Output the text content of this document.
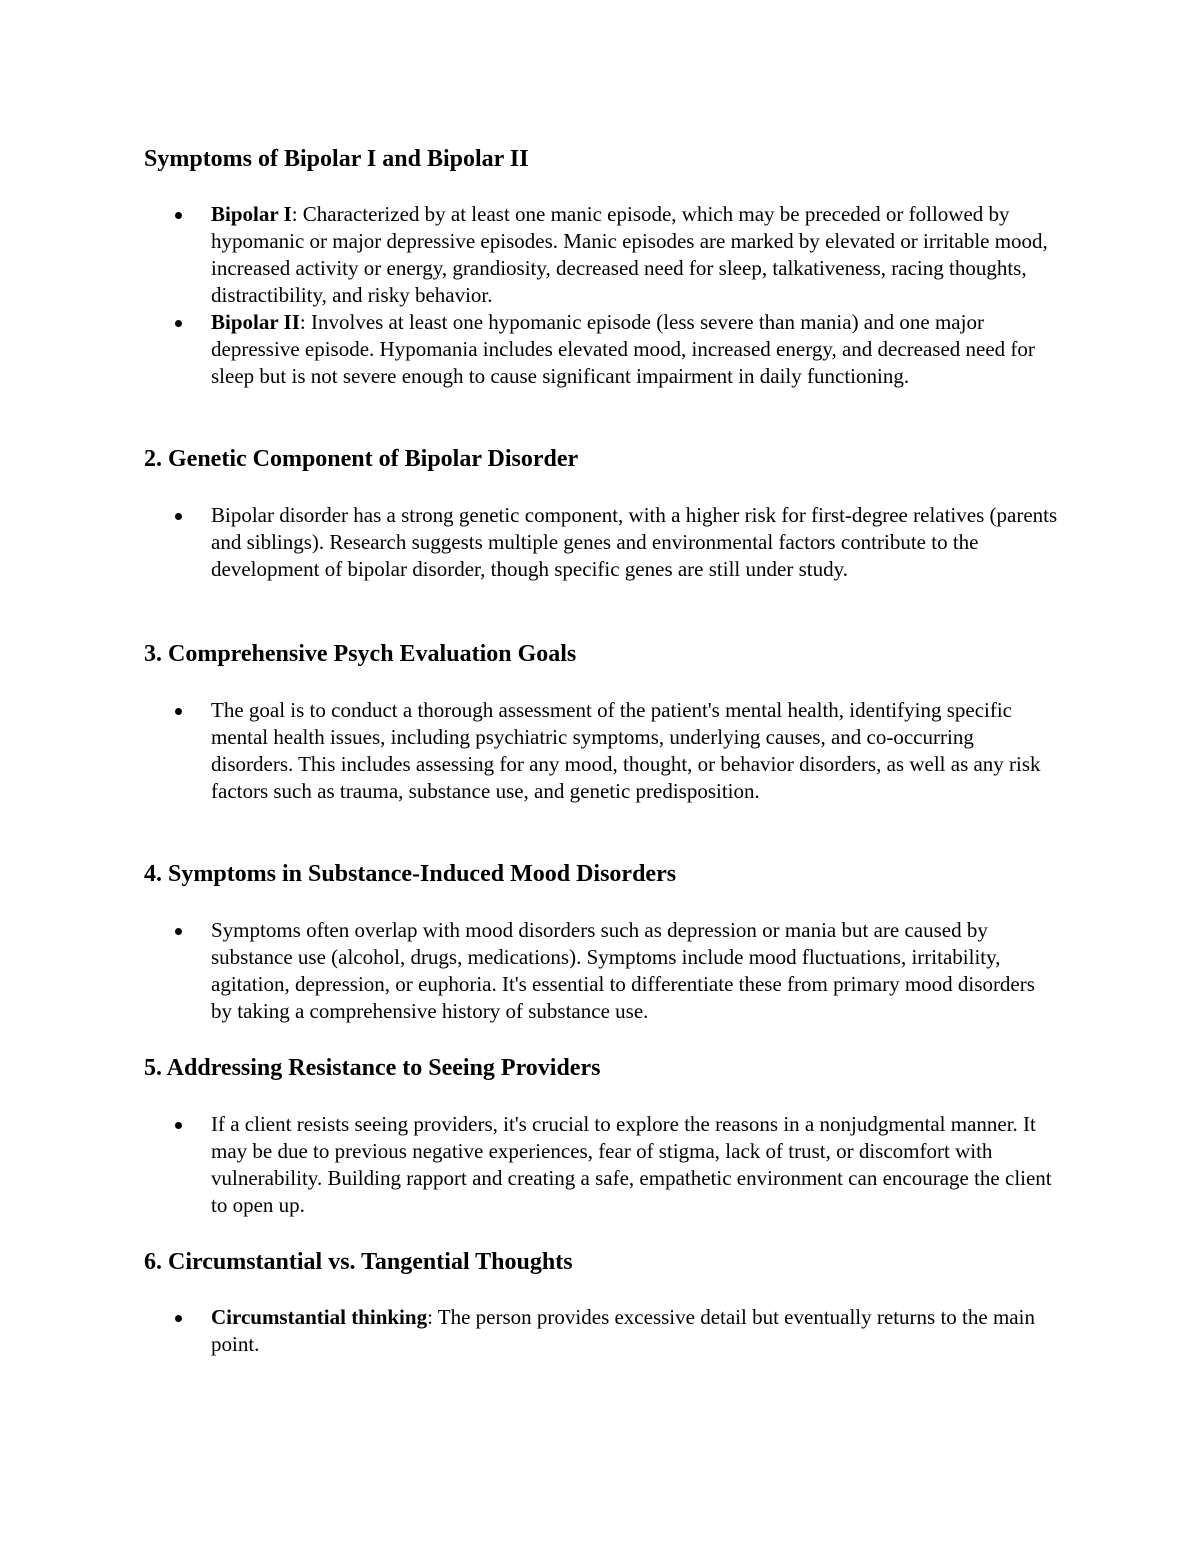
Symptoms of Bipolar I and Bipolar II
Bipolar I: Characterized by at least one manic episode, which may be preceded or followed by hypomanic or major depressive episodes. Manic episodes are marked by elevated or irritable mood, increased activity or energy, grandiosity, decreased need for sleep, talkativeness, racing thoughts, distractibility, and risky behavior.
Bipolar II: Involves at least one hypomanic episode (less severe than mania) and one major depressive episode. Hypomania includes elevated mood, increased energy, and decreased need for sleep but is not severe enough to cause significant impairment in daily functioning.
2. Genetic Component of Bipolar Disorder
Bipolar disorder has a strong genetic component, with a higher risk for first-degree relatives (parents and siblings). Research suggests multiple genes and environmental factors contribute to the development of bipolar disorder, though specific genes are still under study.
3. Comprehensive Psych Evaluation Goals
The goal is to conduct a thorough assessment of the patient's mental health, identifying specific mental health issues, including psychiatric symptoms, underlying causes, and co-occurring disorders. This includes assessing for any mood, thought, or behavior disorders, as well as any risk factors such as trauma, substance use, and genetic predisposition.
4. Symptoms in Substance-Induced Mood Disorders
Symptoms often overlap with mood disorders such as depression or mania but are caused by substance use (alcohol, drugs, medications). Symptoms include mood fluctuations, irritability, agitation, depression, or euphoria. It's essential to differentiate these from primary mood disorders by taking a comprehensive history of substance use.
5. Addressing Resistance to Seeing Providers
If a client resists seeing providers, it's crucial to explore the reasons in a nonjudgmental manner. It may be due to previous negative experiences, fear of stigma, lack of trust, or discomfort with vulnerability. Building rapport and creating a safe, empathetic environment can encourage the client to open up.
6. Circumstantial vs. Tangential Thoughts
Circumstantial thinking: The person provides excessive detail but eventually returns to the main point.
